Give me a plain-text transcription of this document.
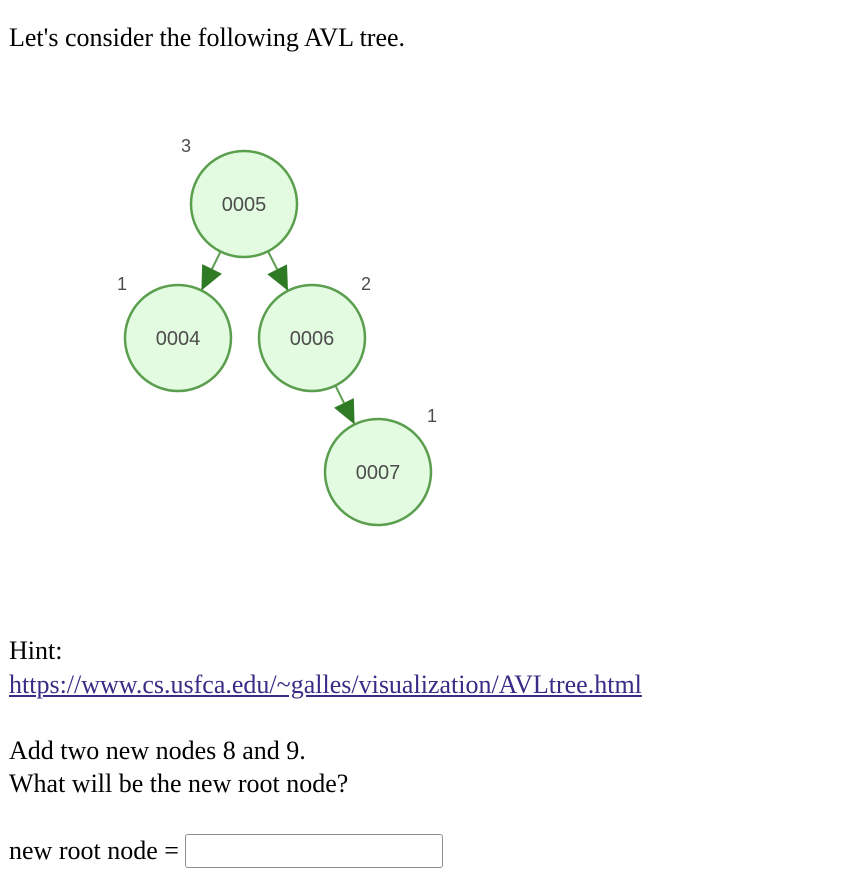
Let's consider the following AVL tree.

0005
3
0004
1
0006
2
0007
1
Hint:
https://www.cs.usfca.edu/~galles/visualization/AVLtree.html
Add two new nodes 8 and 9.
What will be the new root node?
new root node =
